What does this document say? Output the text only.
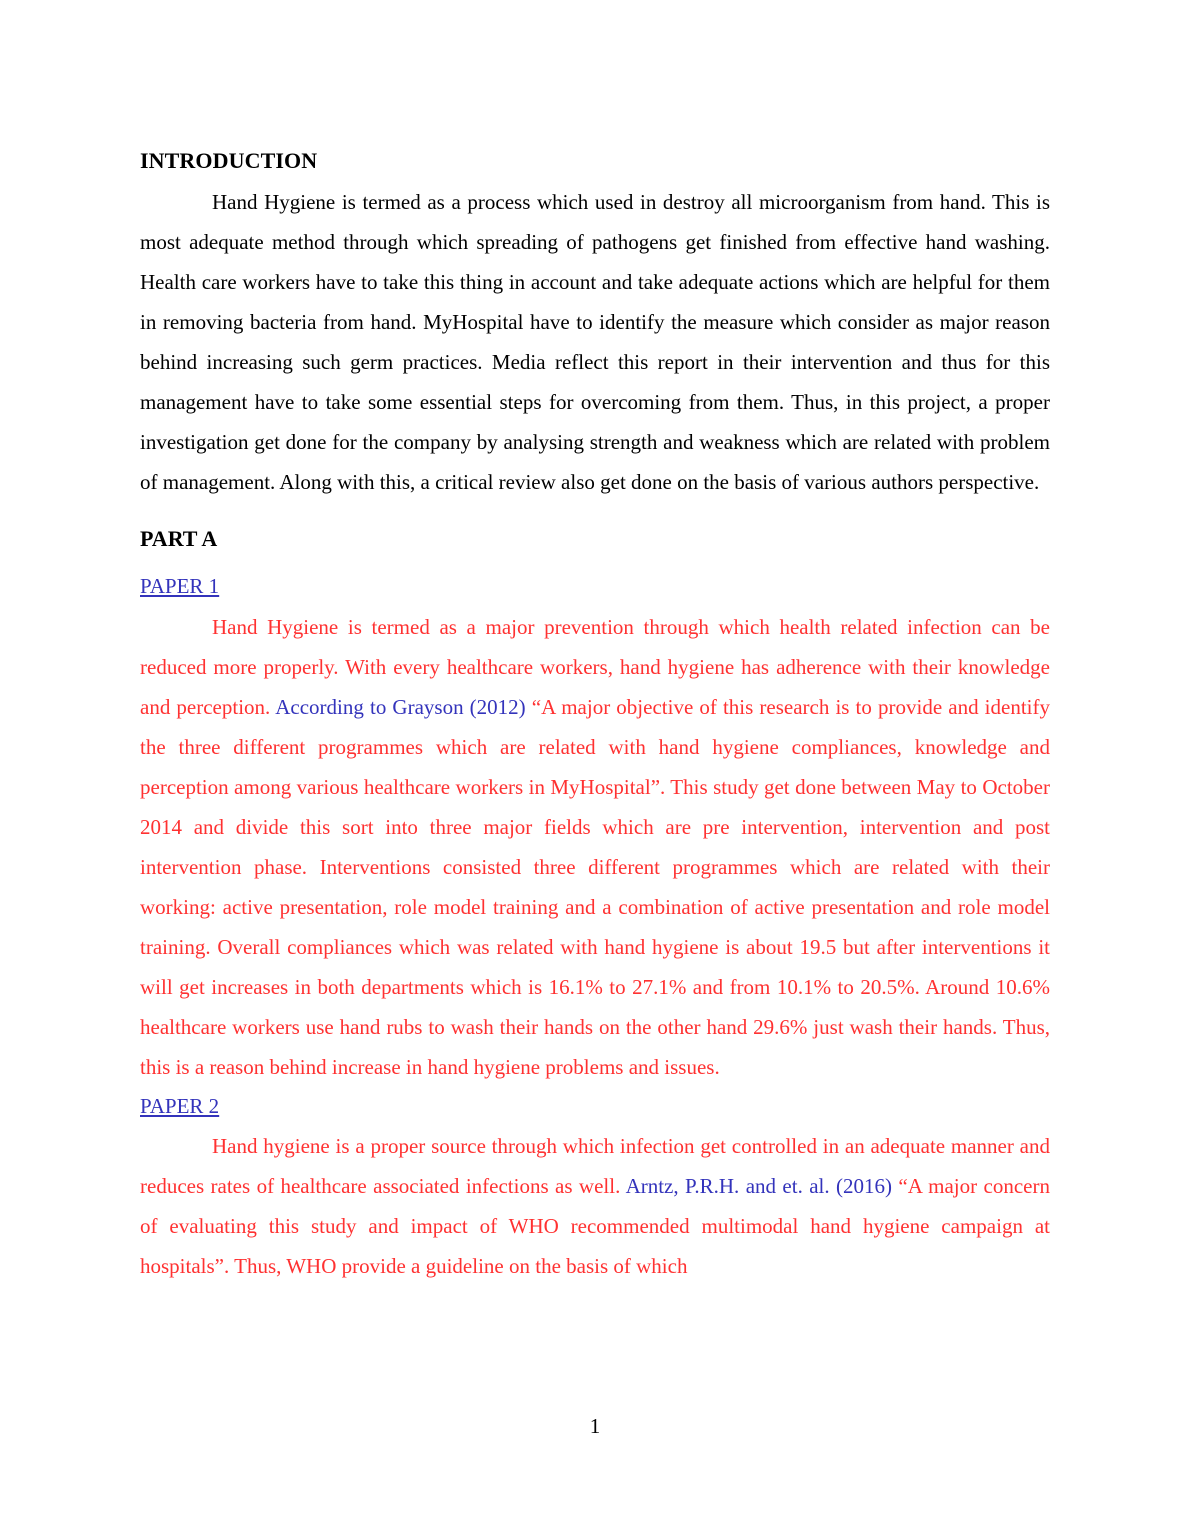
INTRODUCTION

Hand Hygiene is termed as a process which used in destroy all microorganism from hand. This is most adequate method through which spreading of pathogens get finished from effective hand washing. Health care workers have to take this thing in account and take adequate actions which are helpful for them in removing bacteria from hand. MyHospital have to identify the measure which consider as major reason behind increasing such germ practices. Media reflect this report in their intervention and thus for this management have to take some essential steps for overcoming from them. Thus, in this project, a proper investigation get done for the company by analysing strength and weakness which are related with problem of management. Along with this, a critical review also get done on the basis of various authors perspective.

PART A
PAPER 1

Hand Hygiene is termed as a major prevention through which health related infection can be reduced more properly. With every healthcare workers, hand hygiene has adherence with their knowledge and perception. According to Grayson (2012) “A major objective of this research is to provide and identify the three different programmes which are related with hand hygiene compliances, knowledge and perception among various healthcare workers in MyHospital”. This study get done between May to October 2014 and divide this sort into three major fields which are pre intervention, intervention and post intervention phase. Interventions consisted three different programmes which are related with their working: active presentation, role model training and a combination of active presentation and role model training. Overall compliances which was related with hand hygiene is about 19.5 but after interventions it will get increases in both departments which is 16.1% to 27.1% and from 10.1% to 20.5%. Around 10.6% healthcare workers use hand rubs to wash their hands on the other hand 29.6% just wash their hands. Thus, this is a reason behind increase in hand hygiene problems and issues.

PAPER 2

Hand hygiene is a proper source through which infection get controlled in an adequate manner and reduces rates of healthcare associated infections as well. Arntz, P.R.H. and et. al. (2016) “A major concern of evaluating this study and impact of WHO recommended multimodal hand hygiene campaign at hospitals”. Thus, WHO provide a guideline on the basis of which

1
